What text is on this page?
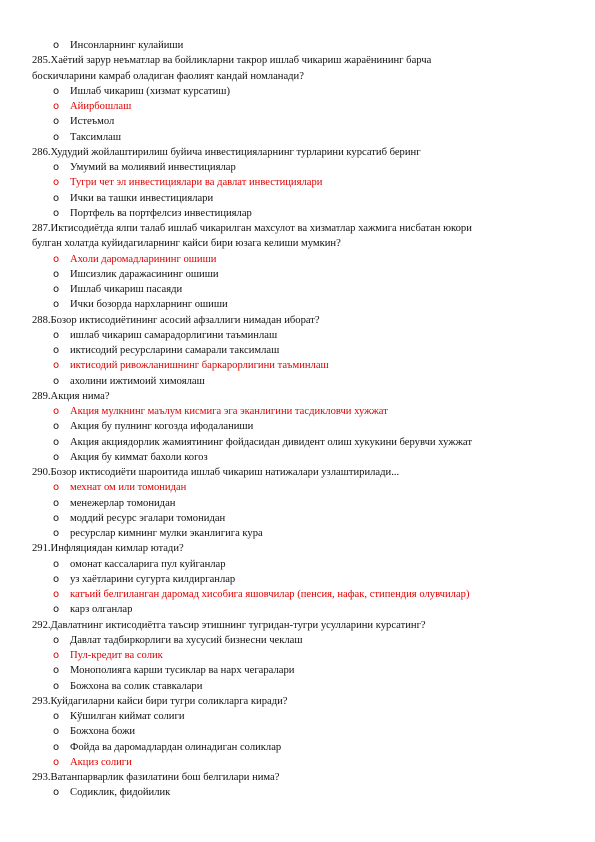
o Инсонларнинг кулайиши
285.Хаётий зарур неъматлар ва бойликларни такрор ишлаб чикариш жараёнининг барча
боскичларини камраб оладиган фаолият кандай номланади?
o Ишлаб чикариш (хизмат курсатиш)
o Айирбошлаш
o Истеъмол
o Таксимлаш
286.Худудий жойлаштирилиш буйича инвестицияларнинг турларини курсатиб беринг
o Умумий ва молиявий инвестициялар
o Тугри чет эл инвестициялари ва давлат инвестициялари
o Ички ва ташки инвестициялари
o Портфель ва портфелсиз инвестициялар
287.Иктисодиётда ялпи талаб ишлаб чикарилган махсулот ва хизматлар хажмига нисбатан юкори
булган холатда куйидагиларнинг кайси бири юзага келиши мумкин?
o Ахоли даромадларининг ошиши
o Ишсизлик даражасининг ошиши
o Ишлаб чикариш пасаяди
o Ички бозорда нархларнинг ошиши
288.Бозор иктисодиётининг асосий афзаллиги нимадан иборат?
o ишлаб чикариш самарадорлигини таъминлаш
o иктисодий ресурсларини самарали таксимлаш
o иктисодий ривожланишнинг баркарорлигини таъминлаш
o ахолини ижтимоий химоялаш
289.Акция нима?
o Акция мулкнинг маълум кисмига эга эканлигини тасдикловчи хужжат
o Акция бу пулнинг когозда ифодаланиши
o Акция акциядорлик жамиятининг фойдасидан дивидент олиш хукукини берувчи хужжат
o Акция бу киммат бахоли когоз
290.Бозор иктисодиёти шароитида ишлаб чикариш натижалари узлаштирилади...
o мехнат ом или томонидан
o менежерлар томонидан
o моддий ресурс эгалари томонидан
o ресурслар кимнинг мулки эканлигига кура
291.Инфляциядан кимлар ютади?
o омонат кассаларига пул куйганлар
o уз хаётларини сугурта килдирганлар
o катъий белгиланган даромад хисобига яшовчилар (пенсия, нафак, стипендия олувчилар)
o карз олганлар
292.Давлатнинг иктисодиётга таъсир этишнинг тугридан-тугри усулларини курсатинг?
o Давлат тадбиркорлиги ва хусусий бизнесни чеклаш
o Пул-кредит ва солик
o Монополияга карши тусиклар ва нарх чегаралари
o Божхона ва солик ставкалари
293.Куйдагиларни кайси бири тугри соликларга киради?
o Кўшилган киймат солиги
o Божхона божи
o Фойда ва даромадлардан олинадиган соликлар
o Акциз солиги
293.Ватанпарварлик фазилатини бош белгилари нима?
o Содиклик, фидойилик
